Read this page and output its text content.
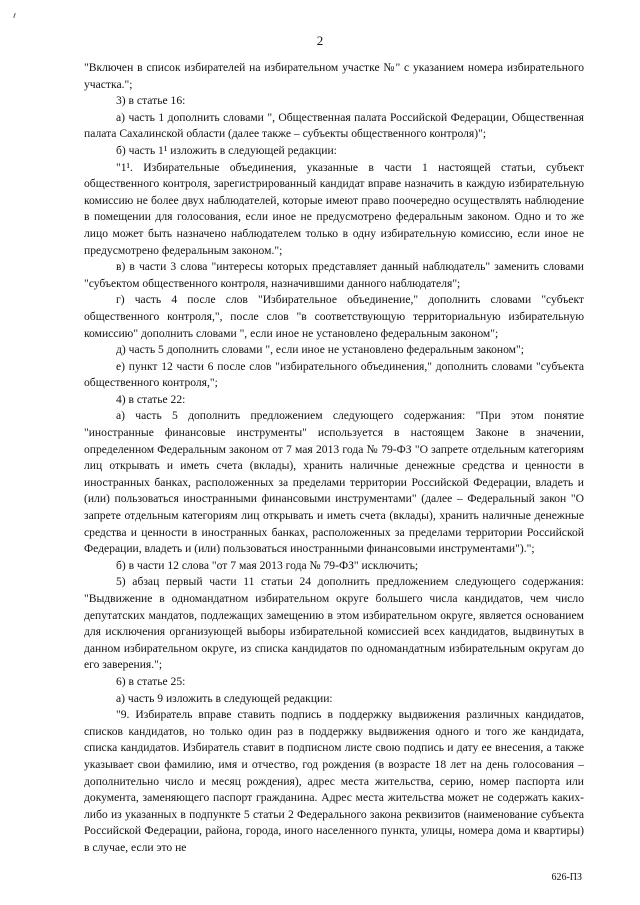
2

"Включен в список избирателей на избирательном участке №" с указанием номера избирательного участка.";

3) в статье 16:

а) часть 1 дополнить словами ", Общественная палата Российской Федерации, Общественная палата Сахалинской области (далее также – субъекты общественного контроля)";

б) часть 1¹ изложить в следующей редакции:

"1¹. Избирательные объединения, указанные в части 1 настоящей статьи, субъект общественного контроля, зарегистрированный кандидат вправе назначить в каждую избирательную комиссию не более двух наблюдателей, которые имеют право поочередно осуществлять наблюдение в помещении для голосования, если иное не предусмотрено федеральным законом. Одно и то же лицо может быть назначено наблюдателем только в одну избирательную комиссию, если иное не предусмотрено федеральным законом.";

в) в части 3 слова "интересы которых представляет данный наблюдатель" заменить словами "субъектом общественного контроля, назначившими данного наблюдателя";

г) часть 4 после слов "Избирательное объединение," дополнить словами "субъект общественного контроля,", после слов "в соответствующую территориальную избирательную комиссию" дополнить словами ", если иное не установлено федеральным законом";

д) часть 5 дополнить словами ", если иное не установлено федеральным законом";

е) пункт 12 части 6 после слов "избирательного объединения," дополнить словами "субъекта общественного контроля,";

4) в статье 22:

а) часть 5 дополнить предложением следующего содержания: "При этом понятие "иностранные финансовые инструменты" используется в настоящем Законе в значении, определенном Федеральным законом от 7 мая 2013 года № 79-ФЗ "О запрете отдельным категориям лиц открывать и иметь счета (вклады), хранить наличные денежные средства и ценности в иностранных банках, расположенных за пределами территории Российской Федерации, владеть и (или) пользоваться иностранными финансовыми инструментами" (далее – Федеральный закон "О запрете отдельным категориям лиц открывать и иметь счета (вклады), хранить наличные денежные средства и ценности в иностранных банках, расположенных за пределами территории Российской Федерации, владеть и (или) пользоваться иностранными финансовыми инструментами").";

б) в части 12 слова "от 7 мая 2013 года № 79-ФЗ" исключить;

5) абзац первый части 11 статьи 24 дополнить предложением следующего содержания: "Выдвижение в одномандатном избирательном округе большего числа кандидатов, чем число депутатских мандатов, подлежащих замещению в этом избирательном округе, является основанием для исключения организующей выборы избирательной комиссией всех кандидатов, выдвинутых в данном избирательном округе, из списка кандидатов по одномандатным избирательным округам до его заверения.";

6) в статье 25:

а) часть 9 изложить в следующей редакции:

"9. Избиратель вправе ставить подпись в поддержку выдвижения различных кандидатов, списков кандидатов, но только один раз в поддержку выдвижения одного и того же кандидата, списка кандидатов. Избиратель ставит в подписном листе свою подпись и дату ее внесения, а также указывает свои фамилию, имя и отчество, год рождения (в возрасте 18 лет на день голосования – дополнительно число и месяц рождения), адрес места жительства, серию, номер паспорта или документа, заменяющего паспорт гражданина. Адрес места жительства может не содержать каких-либо из указанных в подпункте 5 статьи 2 Федерального закона реквизитов (наименование субъекта Российской Федерации, района, города, иного населенного пункта, улицы, номера дома и квартиры) в случае, если это не

626-ПЗ
